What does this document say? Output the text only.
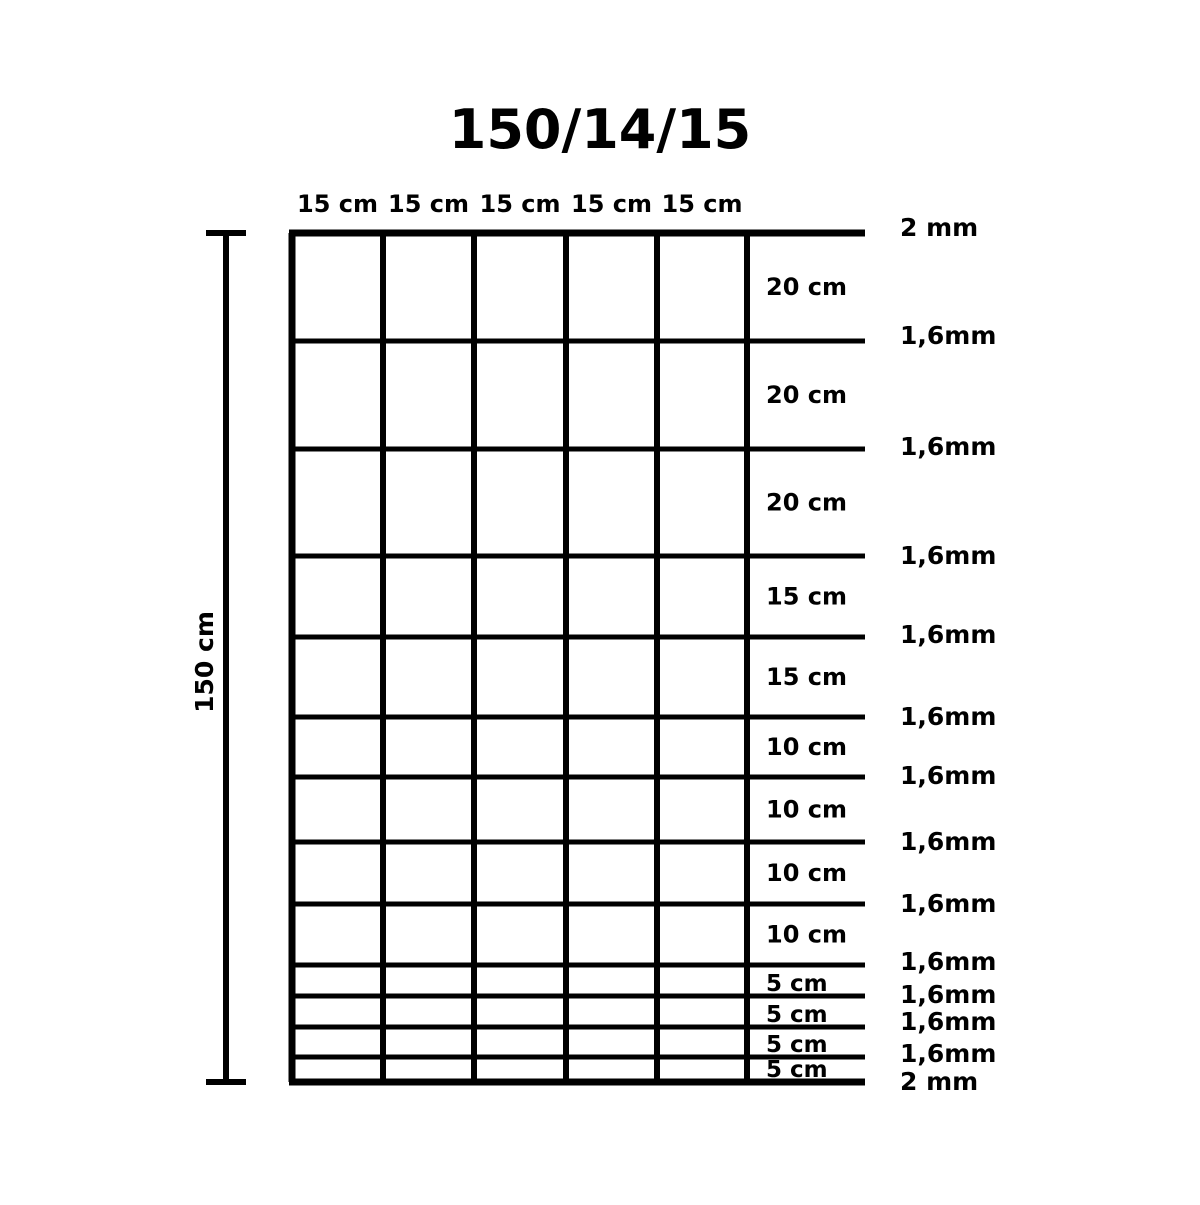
150/14/15
150 cm
15 cm 15 cm 15 cm 15 cm 15 cm
20 cm
20 cm
20 cm
15 cm
15 cm
10 cm
10 cm
10 cm
10 cm
5 cm
5 cm
5 cm
5 cm
2 mm
1,6mm
1,6mm
1,6mm
1,6mm
1,6mm
1,6mm
1,6mm
1,6mm
1,6mm
1,6mm
1,6mm
1,6mm
2 mm
